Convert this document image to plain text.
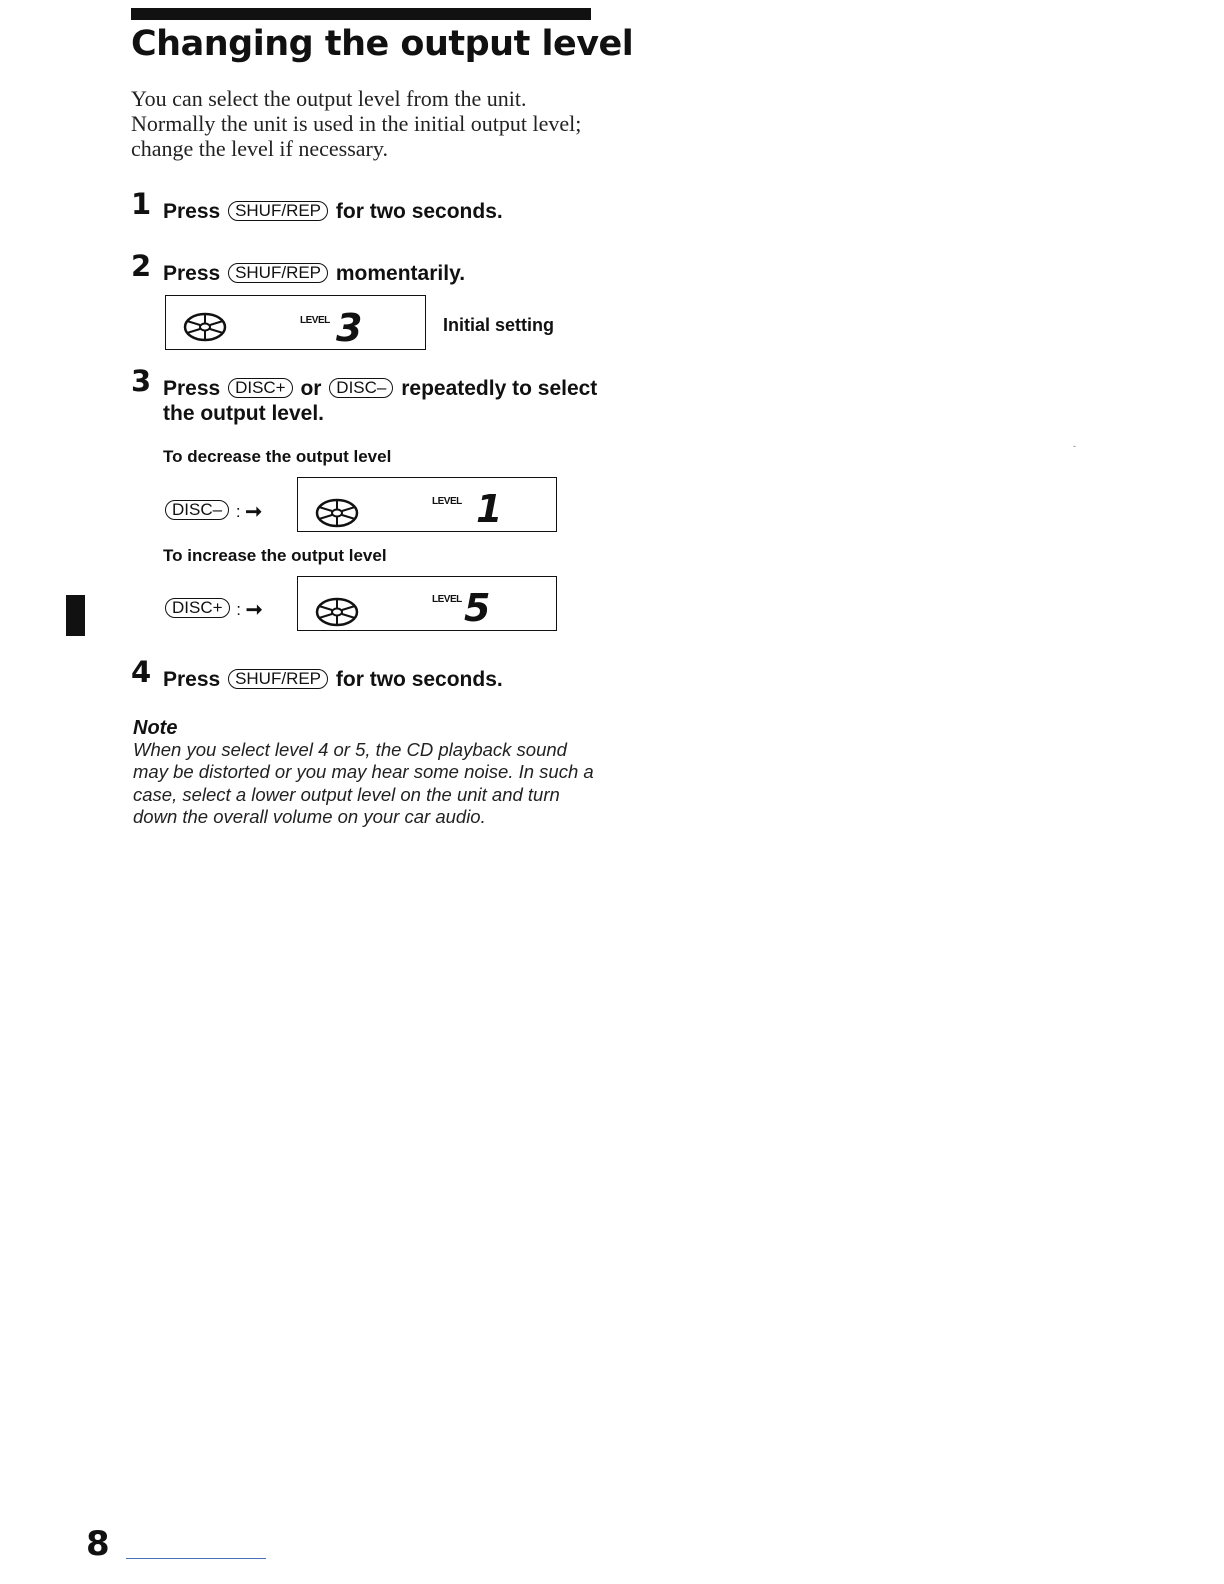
Changing the output level

You can select the output level from the unit. Normally the unit is used in the initial output level; change the level if necessary.

1 Press SHUF/REP for two seconds.
2 Press SHUF/REP momentarily.
LEVEL 3	Initial setting
3 Press DISC+ or DISC– repeatedly to select the output level.
To decrease the output level
DISC– : ➞	LEVEL 1
To increase the output level
DISC+ : ➞	LEVEL 5
4 Press SHUF/REP for two seconds.
Note

When you select level 4 or 5, the CD playback sound may be distorted or you may hear some noise. In such a case, select a lower output level on the unit and turn down the overall volume on your car audio.

-
8
